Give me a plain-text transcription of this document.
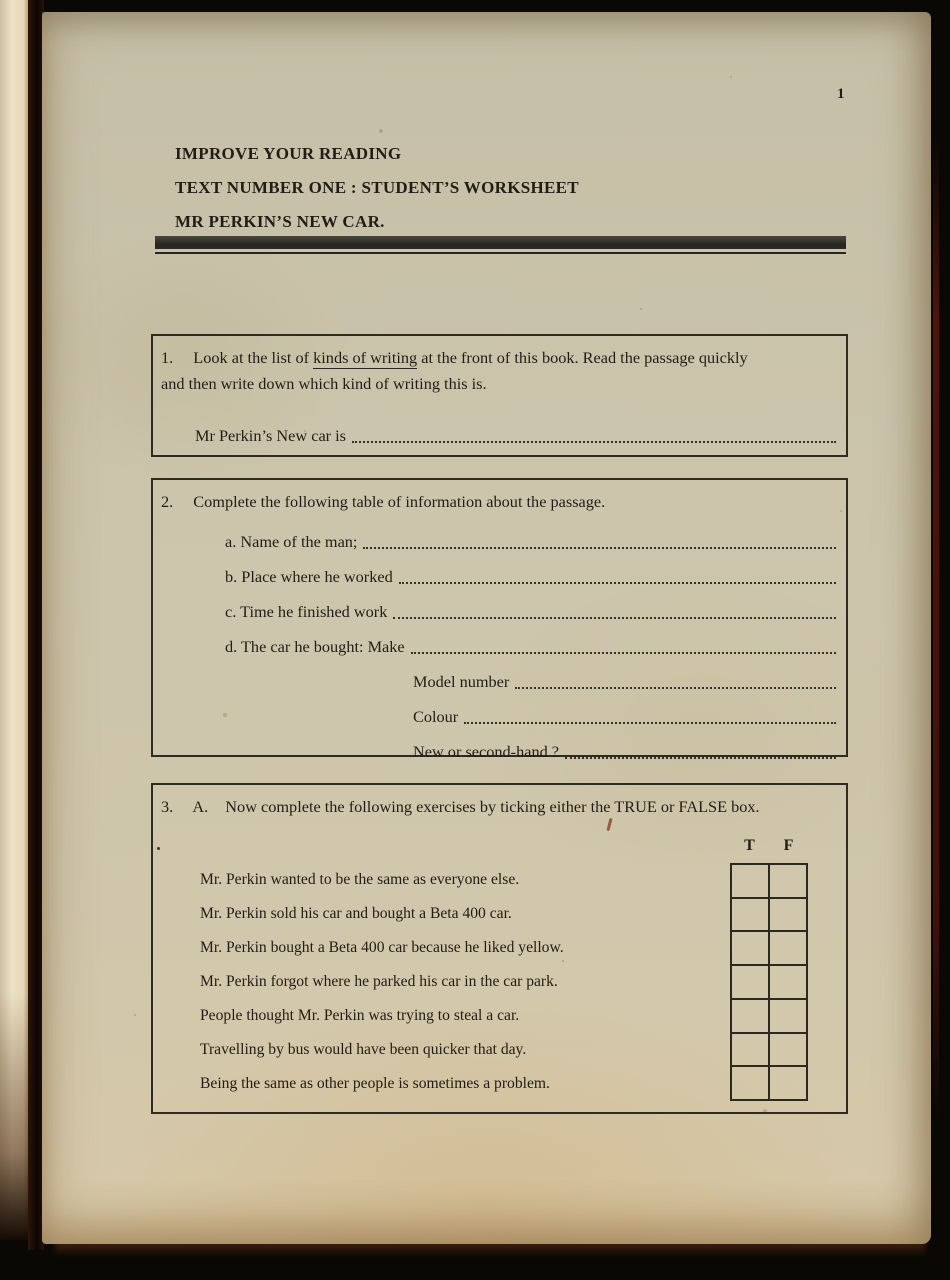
1
IMPROVE YOUR READING
TEXT NUMBER ONE : STUDENT’S WORKSHEET
MR PERKIN’S NEW CAR.

1. Look at the list of kinds of writing at the front of this book. Read the passage quickly

and then write down which kind of writing this is.

Mr Perkin’s New car is

2. Complete the following table of information about the passage.

a. Name of the man;
b. Place where he worked
c. Time he finished work
d. The car he bought: Make
Model number
Colour
New or second-hand ?

3. A. Now complete the following exercises by ticking either the TRUE or FALSE box.

T	F
Mr. Perkin wanted to be the same as everyone else.
Mr. Perkin sold his car and bought a Beta 400 car.
Mr. Perkin bought a Beta 400 car because he liked yellow.
Mr. Perkin forgot where he parked his car in the car park.
People thought Mr. Perkin was trying to steal a car.
Travelling by bus would have been quicker that day.
Being the same as other people is sometimes a problem.
